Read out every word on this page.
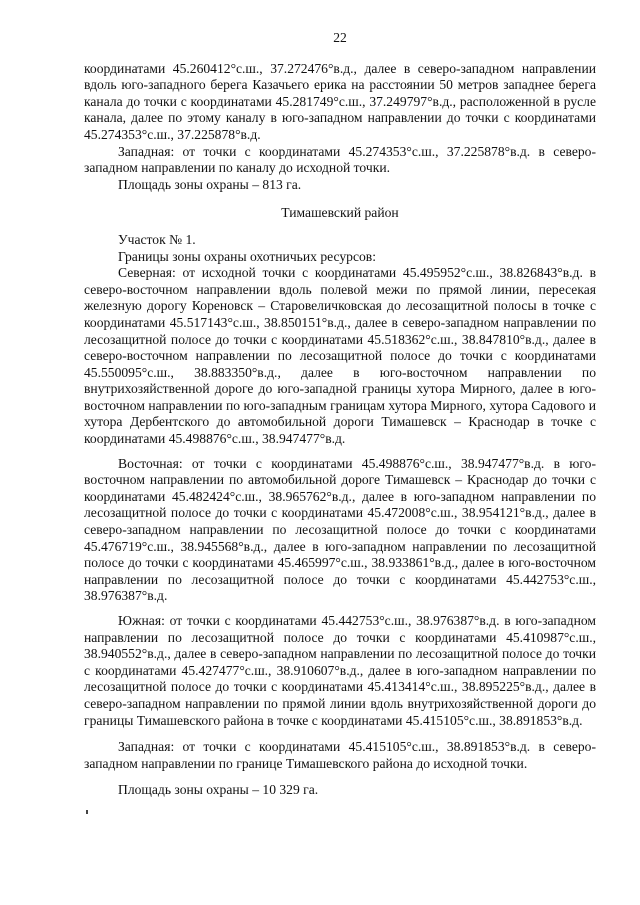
22

координатами 45.260412°с.ш., 37.272476°в.д., далее в северо-западном направлении вдоль юго-западного берега Казачьего ерика на расстоянии 50 метров западнее берега канала до точки с координатами 45.281749°с.ш., 37.249797°в.д., расположенной в русле канала, далее по этому каналу в юго-западном направлении до точки с координатами 45.274353°с.ш., 37.225878°в.д.

Западная: от точки с координатами 45.274353°с.ш., 37.225878°в.д. в северо-западном направлении по каналу до исходной точки.

Площадь зоны охраны – 813 га.

Тимашевский район

Участок № 1.

Границы зоны охраны охотничьих ресурсов:

Северная: от исходной точки с координатами 45.495952°с.ш., 38.826843°в.д. в северо-восточном направлении вдоль полевой межи по прямой линии, пересекая железную дорогу Кореновск – Старовеличковская до лесозащитной полосы в точке с координатами 45.517143°с.ш., 38.850151°в.д., далее в северо-западном направлении по лесозащитной полосе до точки с координатами 45.518362°с.ш., 38.847810°в.д., далее в северо-восточном направлении по лесозащитной полосе до точки с координатами 45.550095°с.ш., 38.883350°в.д., далее в юго-восточном направлении по внутрихозяйственной дороге до юго-западной границы хутора Мирного, далее в юго-восточном направлении по юго-западным границам хутора Мирного, хутора Садового и хутора Дербентского до автомобильной дороги Тимашевск – Краснодар в точке с координатами 45.498876°с.ш., 38.947477°в.д.

Восточная: от точки с координатами 45.498876°с.ш., 38.947477°в.д. в юго-восточном направлении по автомобильной дороге Тимашевск – Краснодар до точки с координатами 45.482424°с.ш., 38.965762°в.д., далее в юго-западном направлении по лесозащитной полосе до точки с координатами 45.472008°с.ш., 38.954121°в.д., далее в северо-западном направлении по лесозащитной полосе до точки с координатами 45.476719°с.ш., 38.945568°в.д., далее в юго-западном направлении по лесозащитной полосе до точки с координатами 45.465997°с.ш., 38.933861°в.д., далее в юго-восточном направлении по лесозащитной полосе до точки с координатами 45.442753°с.ш., 38.976387°в.д.

Южная: от точки с координатами 45.442753°с.ш., 38.976387°в.д. в юго-западном направлении по лесозащитной полосе до точки с координатами 45.410987°с.ш., 38.940552°в.д., далее в северо-западном направлении по лесозащитной полосе до точки с координатами 45.427477°с.ш., 38.910607°в.д., далее в юго-западном направлении по лесозащитной полосе до точки с координатами 45.413414°с.ш., 38.895225°в.д., далее в северо-западном направлении по прямой линии вдоль внутрихозяйственной дороги до границы Тимашевского района в точке с координатами 45.415105°с.ш., 38.891853°в.д.

Западная: от точки с координатами 45.415105°с.ш., 38.891853°в.д. в северо-западном направлении по границе Тимашевского района до исходной точки.

Площадь зоны охраны – 10 329 га.
